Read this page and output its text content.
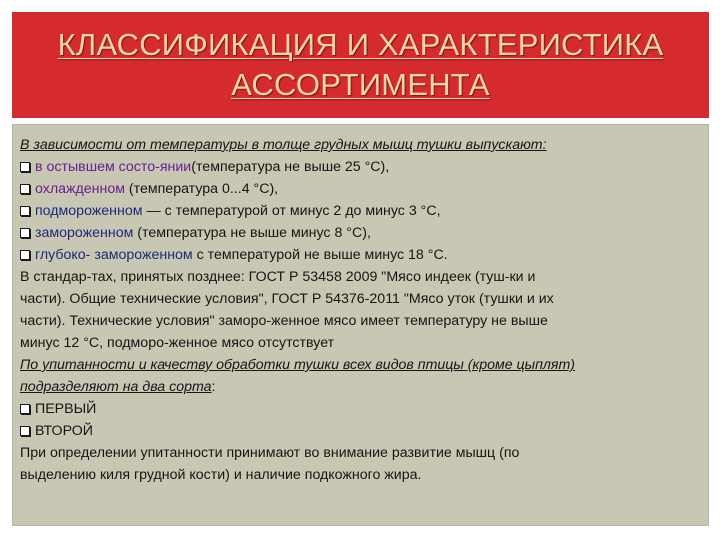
КЛАССИФИКАЦИЯ И ХАРАКТЕРИСТИКА
АССОРТИМЕНТА
В зависимости от температуры в толще грудных мышц тушки выпускают:
в остывшем состо-янии(температура не выше 25 °С),
охлажденном (температура 0...4 °С),
подмороженном — с температурой от минус 2 до минус 3 °С,
замороженном (температура не выше минус 8 °С),
глубоко- замороженном с температурой не выше минус 18 °С.
В стандар-тах, принятых позднее: ГОСТ Р 53458 2009 "Мясо индеек (туш-ки и
части). Общие технические условия", ГОСТ Р 54376-2011 "Мясо уток (тушки и их
части). Технические условия" заморо-женное мясо имеет температуру не выше
минус 12 °С, подморо-женное мясо отсутствует
По упитанности и качеству обработки тушки всех видов птицы (кроме цыплят)
подразделяют на два сорта:
ПЕРВЫЙ
ВТОРОЙ
При определении упитанности принимают во внимание развитие мышц (по
выделению киля грудной кости) и наличие подкожного жира.
